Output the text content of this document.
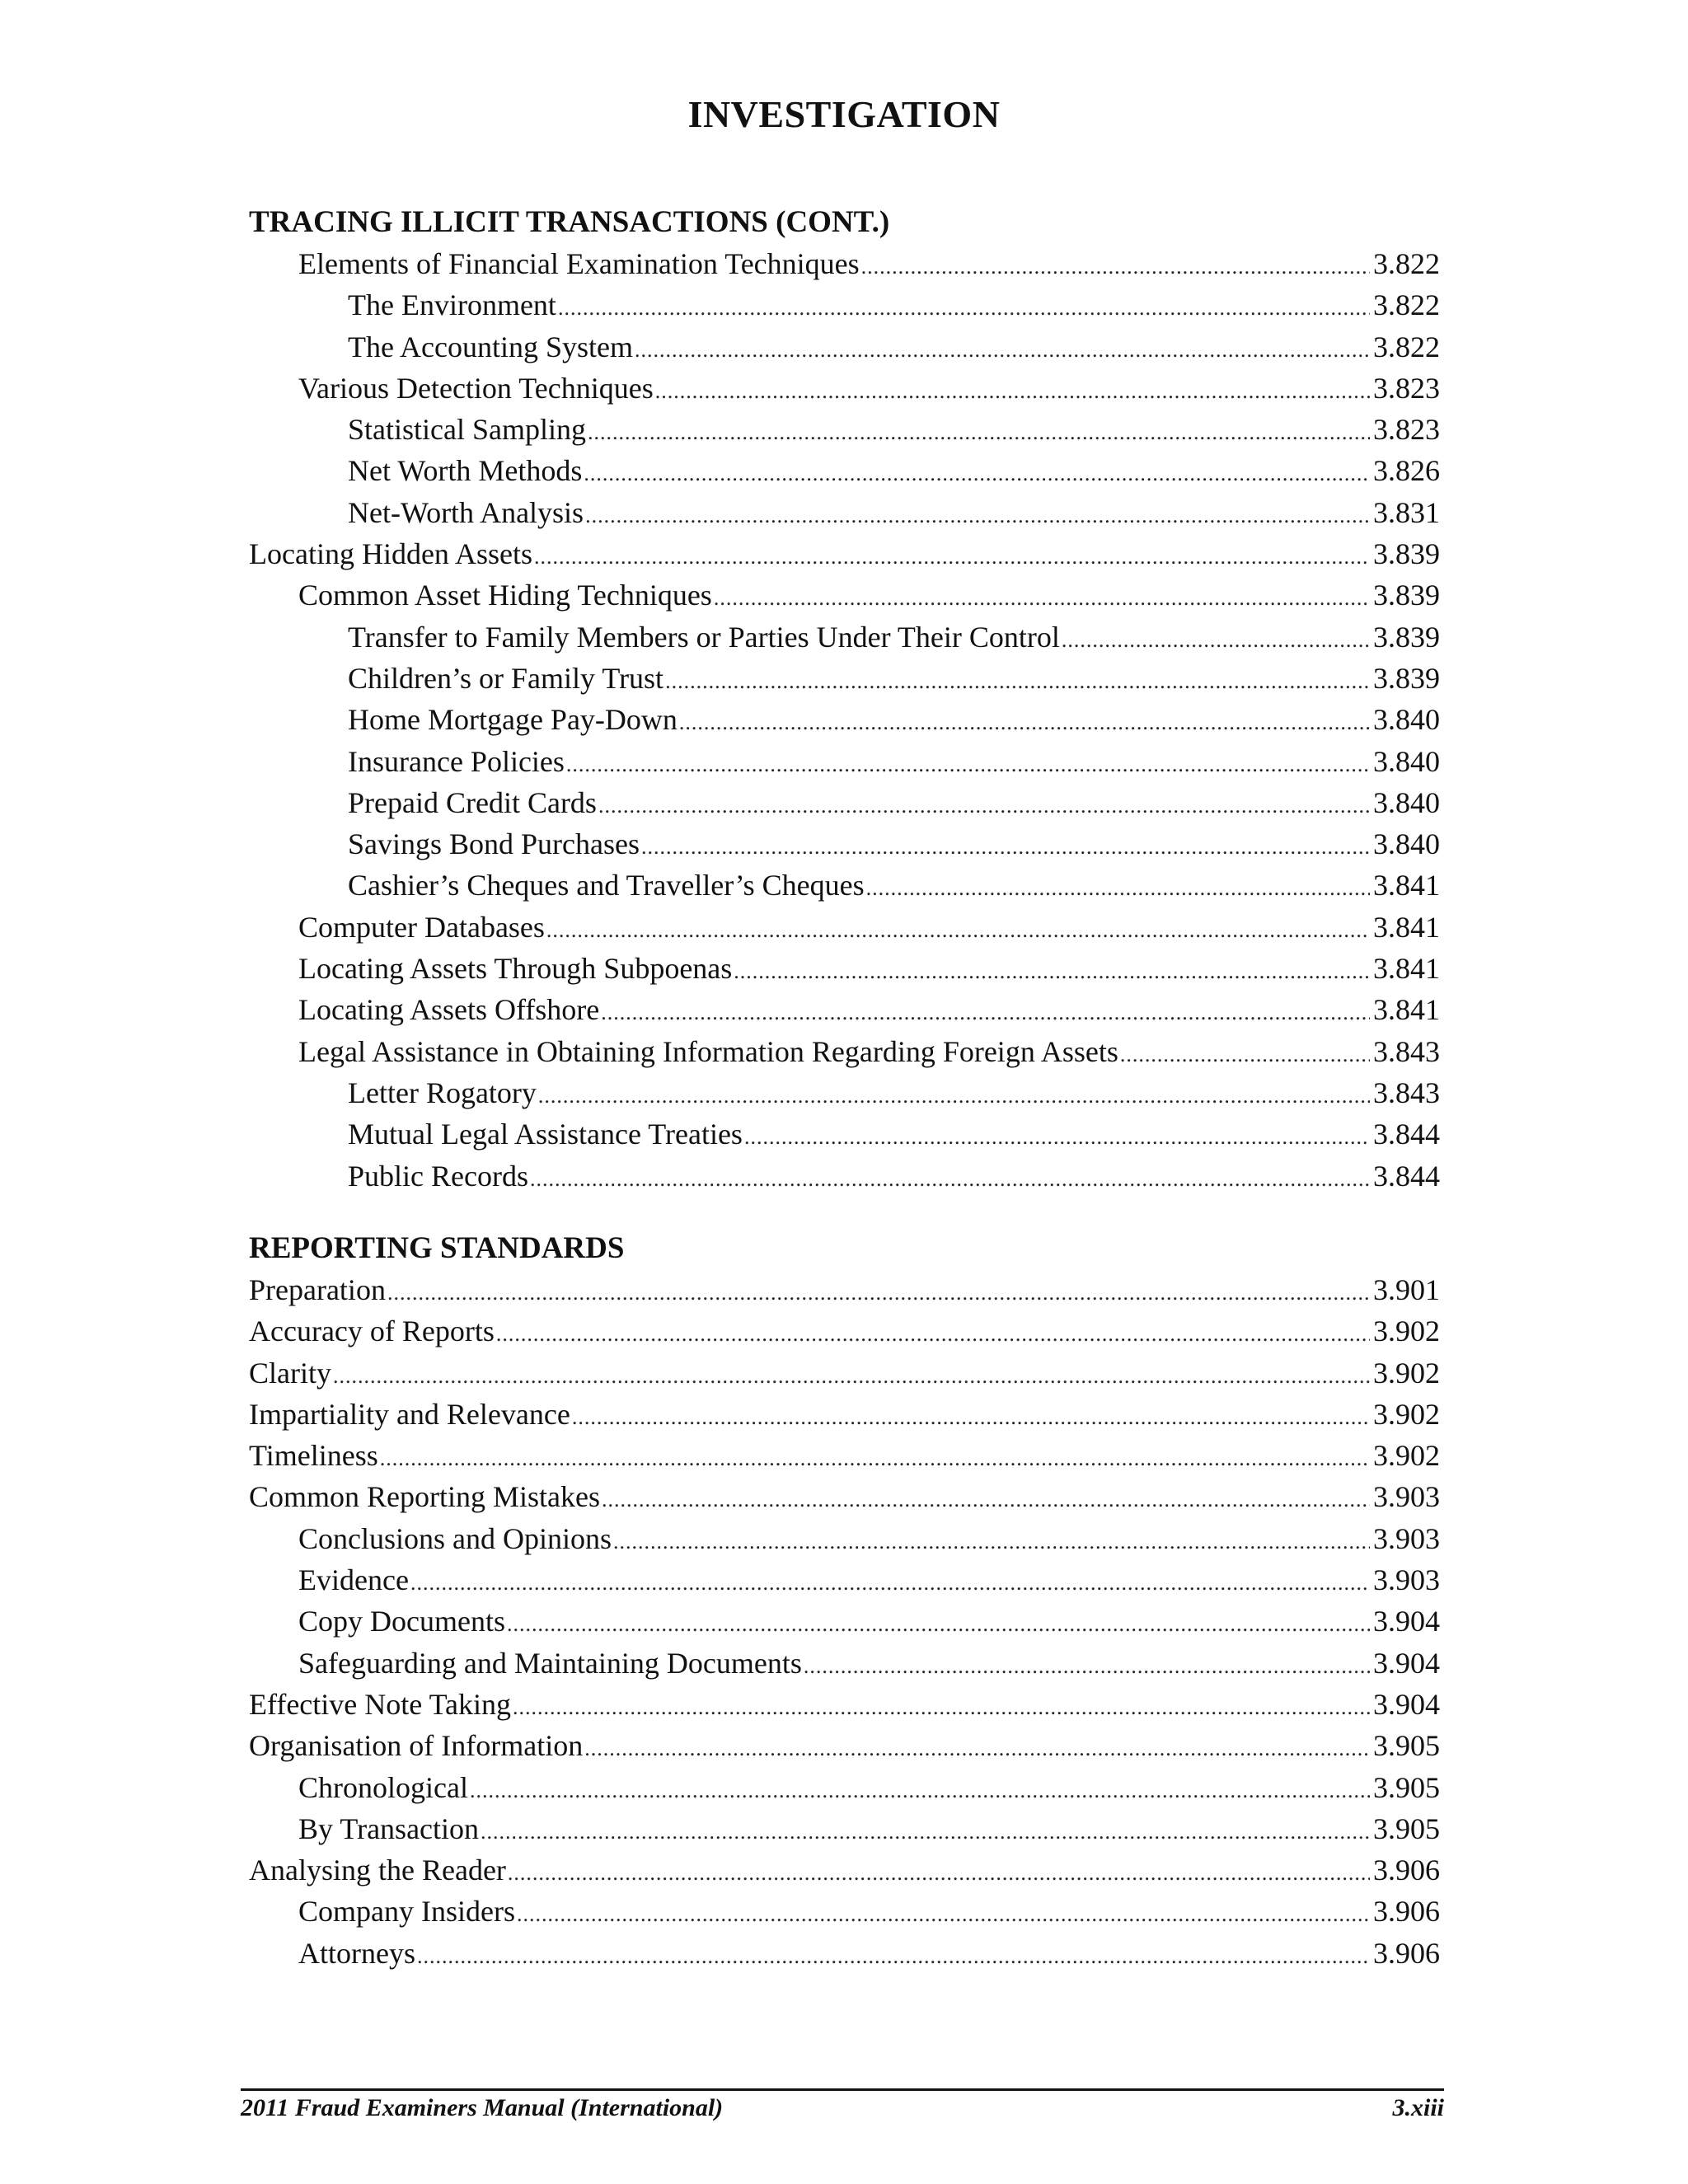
INVESTIGATION
TRACING ILLICIT TRANSACTIONS (CONT.)
Elements of Financial Examination Techniques .....	3.822
The Environment .....	3.822
The Accounting System .....	3.822
Various Detection Techniques .....	3.823
Statistical Sampling .....	3.823
Net Worth Methods .....	3.826
Net-Worth Analysis .....	3.831
Locating Hidden Assets .....	3.839
Common Asset Hiding Techniques .....	3.839
Transfer to Family Members or Parties Under Their Control .....	3.839
Children’s or Family Trust .....	3.839
Home Mortgage Pay-Down .....	3.840
Insurance Policies .....	3.840
Prepaid Credit Cards .....	3.840
Savings Bond Purchases .....	3.840
Cashier’s Cheques and Traveller’s Cheques .....	3.841
Computer Databases .....	3.841
Locating Assets Through Subpoenas .....	3.841
Locating Assets Offshore .....	3.841
Legal Assistance in Obtaining Information Regarding Foreign Assets .....	3.843
Letter Rogatory .....	3.843
Mutual Legal Assistance Treaties .....	3.844
Public Records .....	3.844
REPORTING STANDARDS
Preparation .....	3.901
Accuracy of Reports .....	3.902
Clarity .....	3.902
Impartiality and Relevance .....	3.902
Timeliness .....	3.902
Common Reporting Mistakes .....	3.903
Conclusions and Opinions .....	3.903
Evidence .....	3.903
Copy Documents .....	3.904
Safeguarding and Maintaining Documents .....	3.904
Effective Note Taking .....	3.904
Organisation of Information .....	3.905
Chronological .....	3.905
By Transaction .....	3.905
Analysing the Reader .....	3.906
Company Insiders .....	3.906
Attorneys .....	3.906
2011 Fraud Examiners Manual (International)	3.xiii
